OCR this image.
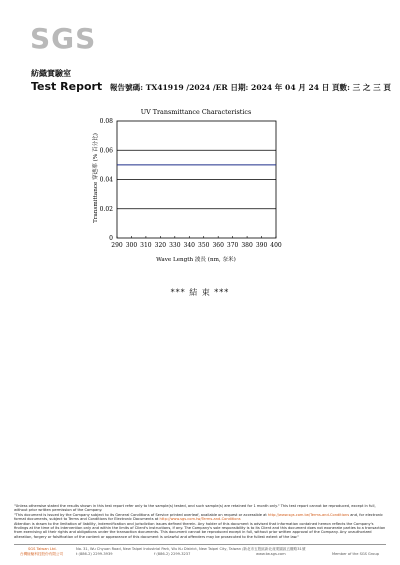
SGS
紡織實驗室
Test Report 報告號碼: TX41919 /2024 /ER 日期: 2024 年 04 月 24 日 頁數: 三 之 三 頁
UV Transmittance Characteristics
0
0.02
0.04
0.06
0.08
290 300 310 320 330 340 350 360 370 380 390 400
Wave Length 波長 (nm, 奈米)
Transmittance 穿透率 (% 百分比)
*** 結 束 ***
"Unless otherwise stated the results shown in this test report refer only to the sample(s) tested, and such sample(s) are retained for 1 month only." This test report cannot be reproduced, except in full, without prior written permission of the Company.
"This document is issued by the Company subject to its General Conditions of Service printed overleaf, available on request or accessible at http://www.sgs.com.tw/Terms-and-Conditions and, for electronic format documents, subject to Terms and Conditions for Electronic Documents at http://www.sgs.com.tw/Terms-and-Conditions
Attention is drawn to the limitation of liability, indemnification and jurisdiction issues defined therein. Any holder of this document is advised that information contained hereon reflects the Company's findings at the time of its intervention only and within the limits of Client's instructions, if any. The Company's sole responsibility is to its Client and this document does not exonerate parties to a transaction from exercising all their rights and obligations under the transaction documents. This document cannot be reproduced except in full, without prior written approval of the Company. Any unauthorized alteration, forgery or falsification of the content or appearance of this document is unlawful and offenders may be prosecuted to the fullest extent of the law."
SGS Taiwan Ltd.
台灣檢驗科技股份有限公司
No. 31, Wu Chyuan Road, New Taipei Industrial Park, Wu Ku District, New Taipei City, Taiwan /新北市五股區新北產業園區五權路31號
t (886-2) 2299-3939	f (886-2) 2299-3237	www.tw.sgs.com	Member of the SGS Group
